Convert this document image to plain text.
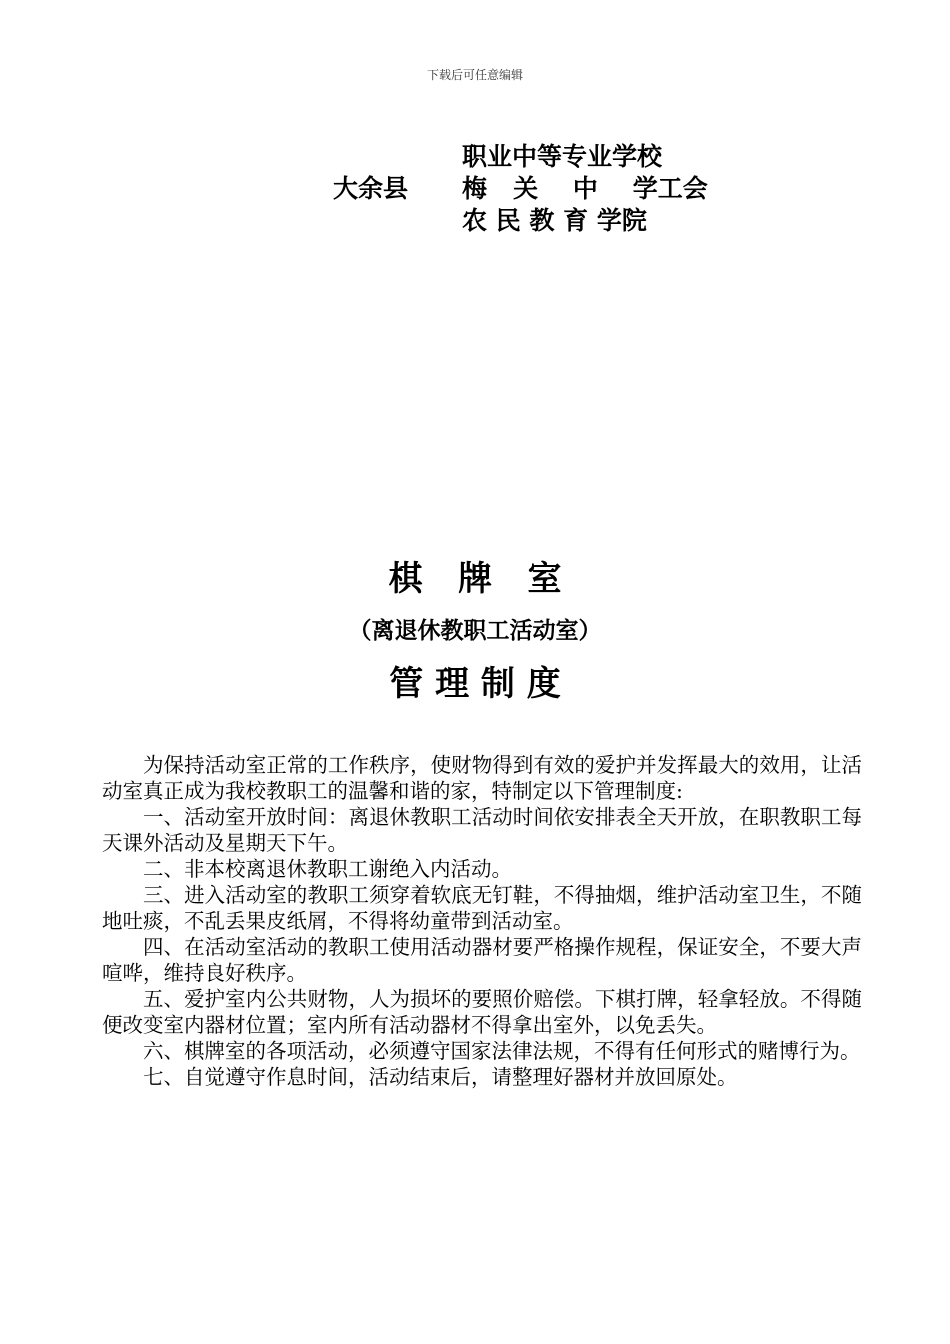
下载后可任意编辑
大余县
职业中等专业学校
梅   关    中    学工会
农 民 教 育 学院
棋   牌   室
（离退休教职工活动室）
管 理 制 度

为保持活动室正常的工作秩序，使财物得到有效的爱护并发挥最大的效用，让活动室真正成为我校教职工的温馨和谐的家，特制定以下管理制度:

一、活动室开放时间：离退休教职工活动时间依安排表全天开放，在职教职工每天课外活动及星期天下午。

二、非本校离退休教职工谢绝入内活动。

三、进入活动室的教职工须穿着软底无钉鞋，不得抽烟，维护活动室卫生，不随地吐痰，不乱丢果皮纸屑，不得将幼童带到活动室。

四、在活动室活动的教职工使用活动器材要严格操作规程，保证安全，不要大声喧哗，维持良好秩序。

五、爱护室内公共财物，人为损坏的要照价赔偿。下棋打牌，轻拿轻放。不得随便改变室内器材位置；室内所有活动器材不得拿出室外，以免丢失。

六、棋牌室的各项活动，必须遵守国家法律法规，不得有任何形式的赌博行为。

七、自觉遵守作息时间，活动结束后，请整理好器材并放回原处。
